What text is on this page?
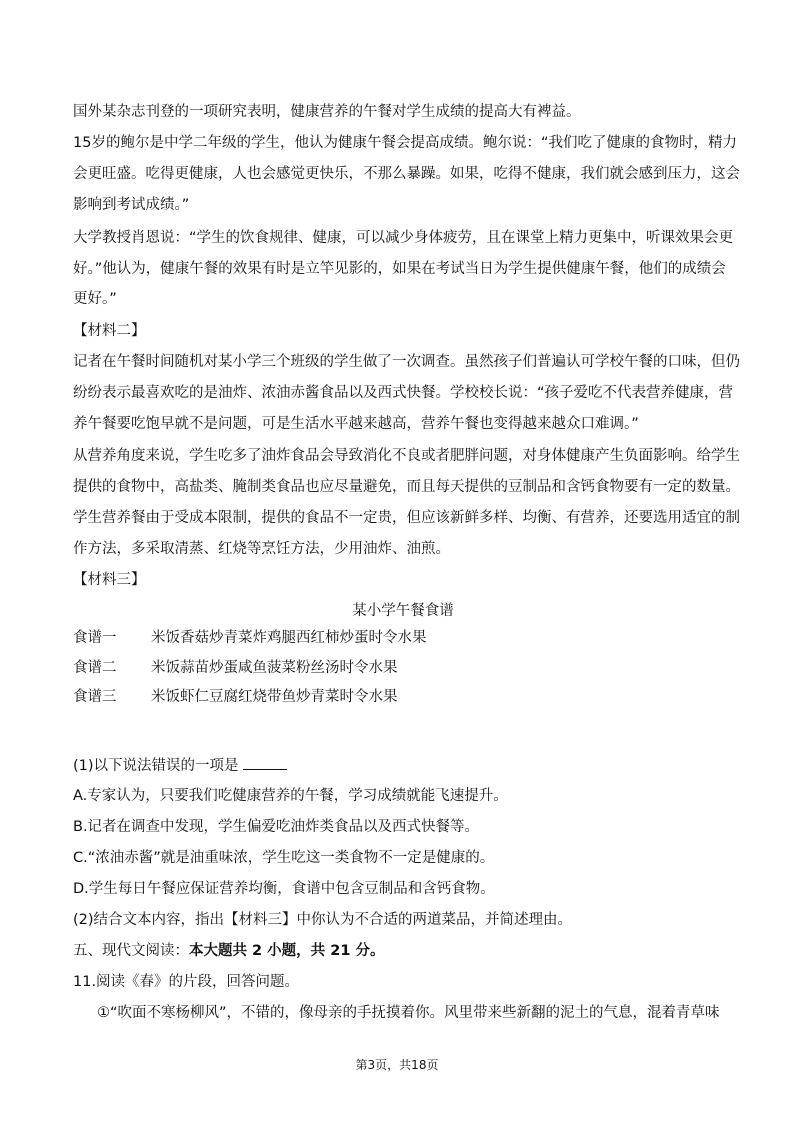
国外某杂志刊登的一项研究表明，健康营养的午餐对学生成绩的提高大有裨益。
15岁的鲍尔是中学二年级的学生，他认为健康午餐会提高成绩。鲍尔说：“我们吃了健康的食物时，精力
会更旺盛。吃得更健康，人也会感觉更快乐，不那么暴躁。如果，吃得不健康，我们就会感到压力，这会
影响到考试成绩。”
大学教授肖恩说：“学生的饮食规律、健康，可以减少身体疲劳，且在课堂上精力更集中，听课效果会更
好。”他认为，健康午餐的效果有时是立竿见影的，如果在考试当日为学生提供健康午餐，他们的成绩会
更好。”
【材料二】
记者在午餐时间随机对某小学三个班级的学生做了一次调查。虽然孩子们普遍认可学校午餐的口味，但仍
纷纷表示最喜欢吃的是油炸、浓油赤酱食品以及西式快餐。学校校长说：“孩子爱吃不代表营养健康，营
养午餐要吃饱早就不是问题，可是生活水平越来越高，营养午餐也变得越来越众口难调。”
从营养角度来说，学生吃多了油炸食品会导致消化不良或者肥胖问题，对身体健康产生负面影响。给学生
提供的食物中，高盐类、腌制类食品也应尽量避免，而且每天提供的豆制品和含钙食物要有一定的数量。
学生营养餐由于受成本限制，提供的食品不一定贵，但应该新鲜多样、均衡、有营养，还要选用适宜的制
作方法，多采取清蒸、红烧等烹饪方法，少用油炸、油煎。
【材料三】
某小学午餐食谱
食谱一 米饭香菇炒青菜炸鸡腿西红柿炒蛋时令水果
食谱二 米饭蒜苗炒蛋咸鱼菠菜粉丝汤时令水果
食谱三 米饭虾仁豆腐红烧带鱼炒青菜时令水果
(1)以下说法错误的一项是
A.专家认为，只要我们吃健康营养的午餐，学习成绩就能飞速提升。
B.记者在调查中发现，学生偏爱吃油炸类食品以及西式快餐等。
C.“浓油赤酱”就是油重味浓，学生吃这一类食物不一定是健康的。
D.学生每日午餐应保证营养均衡，食谱中包含豆制品和含钙食物。
(2)结合文本内容，指出【材料三】中你认为不合适的两道菜品，并简述理由。
五、现代文阅读：本大题共 2 小题，共 21 分。
11.阅读《春》的片段，回答问题。
①“吹面不寒杨柳风”，不错的，像母亲的手抚摸着你。风里带来些新翻的泥土的气息，混着青草味
第3页，共18页
